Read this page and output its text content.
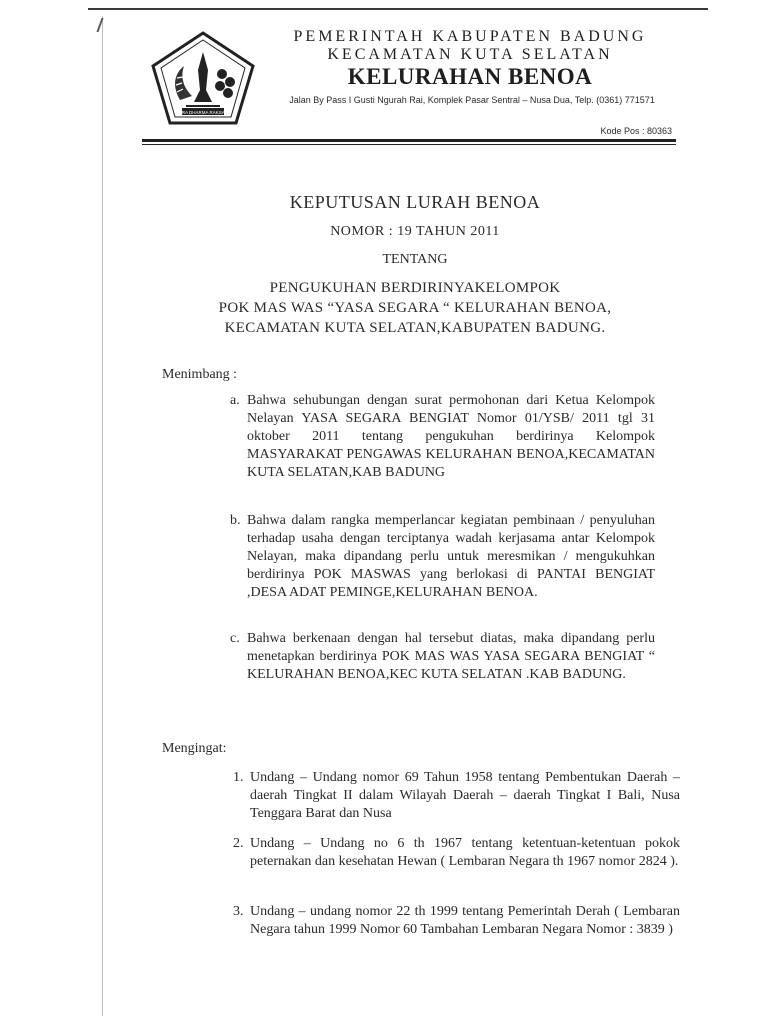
CURA DHARMA RAKSAKA
PEMERINTAH KABUPATEN BADUNG
KECAMATAN KUTA SELATAN
KELURAHAN BENOA
Jalan By Pass I Gusti Ngurah Rai, Komplek Pasar Sentral – Nusa Dua, Telp. (0361) 771571
Kode Pos : 80363
KEPUTUSAN LURAH BENOA
NOMOR : 19 TAHUN 2011
TENTANG
PENGUKUHAN BERDIRINYAKELOMPOK
POK MAS WAS “YASA SEGARA “ KELURAHAN BENOA,
KECAMATAN KUTA SELATAN,KABUPATEN BADUNG.
Menimbang :
a. Bahwa sehubungan dengan surat permohonan dari Ketua Kelompok Nelayan YASA SEGARA BENGIAT Nomor 01/YSB/ 2011 tgl 31 oktober 2011 tentang pengukuhan berdirinya Kelompok MASYARAKAT PENGAWAS KELURAHAN BENOA,KECAMATAN KUTA SELATAN,KAB BADUNG
b. Bahwa dalam rangka memperlancar kegiatan pembinaan / penyuluhan terhadap usaha dengan terciptanya wadah kerjasama antar Kelompok Nelayan, maka dipandang perlu untuk meresmikan / mengukuhkan berdirinya POK MASWAS yang berlokasi di PANTAI BENGIAT ,DESA ADAT PEMINGE,KELURAHAN BENOA.
c. Bahwa berkenaan dengan hal tersebut diatas, maka dipandang perlu menetapkan berdirinya POK MAS WAS YASA SEGARA BENGIAT “ KELURAHAN BENOA,KEC KUTA SELATAN .KAB BADUNG.
Mengingat:
1. Undang – Undang nomor 69 Tahun 1958 tentang Pembentukan Daerah – daerah Tingkat II dalam Wilayah Daerah – daerah Tingkat I Bali, Nusa Tenggara Barat dan Nusa
2. Undang – Undang no 6 th 1967 tentang ketentuan-ketentuan pokok peternakan dan kesehatan Hewan ( Lembaran Negara th 1967 nomor 2824 ).
3. Undang – undang nomor 22 th 1999 tentang Pemerintah Derah ( Lembaran Negara tahun 1999 Nomor 60 Tambahan Lembaran Negara Nomor : 3839 )
